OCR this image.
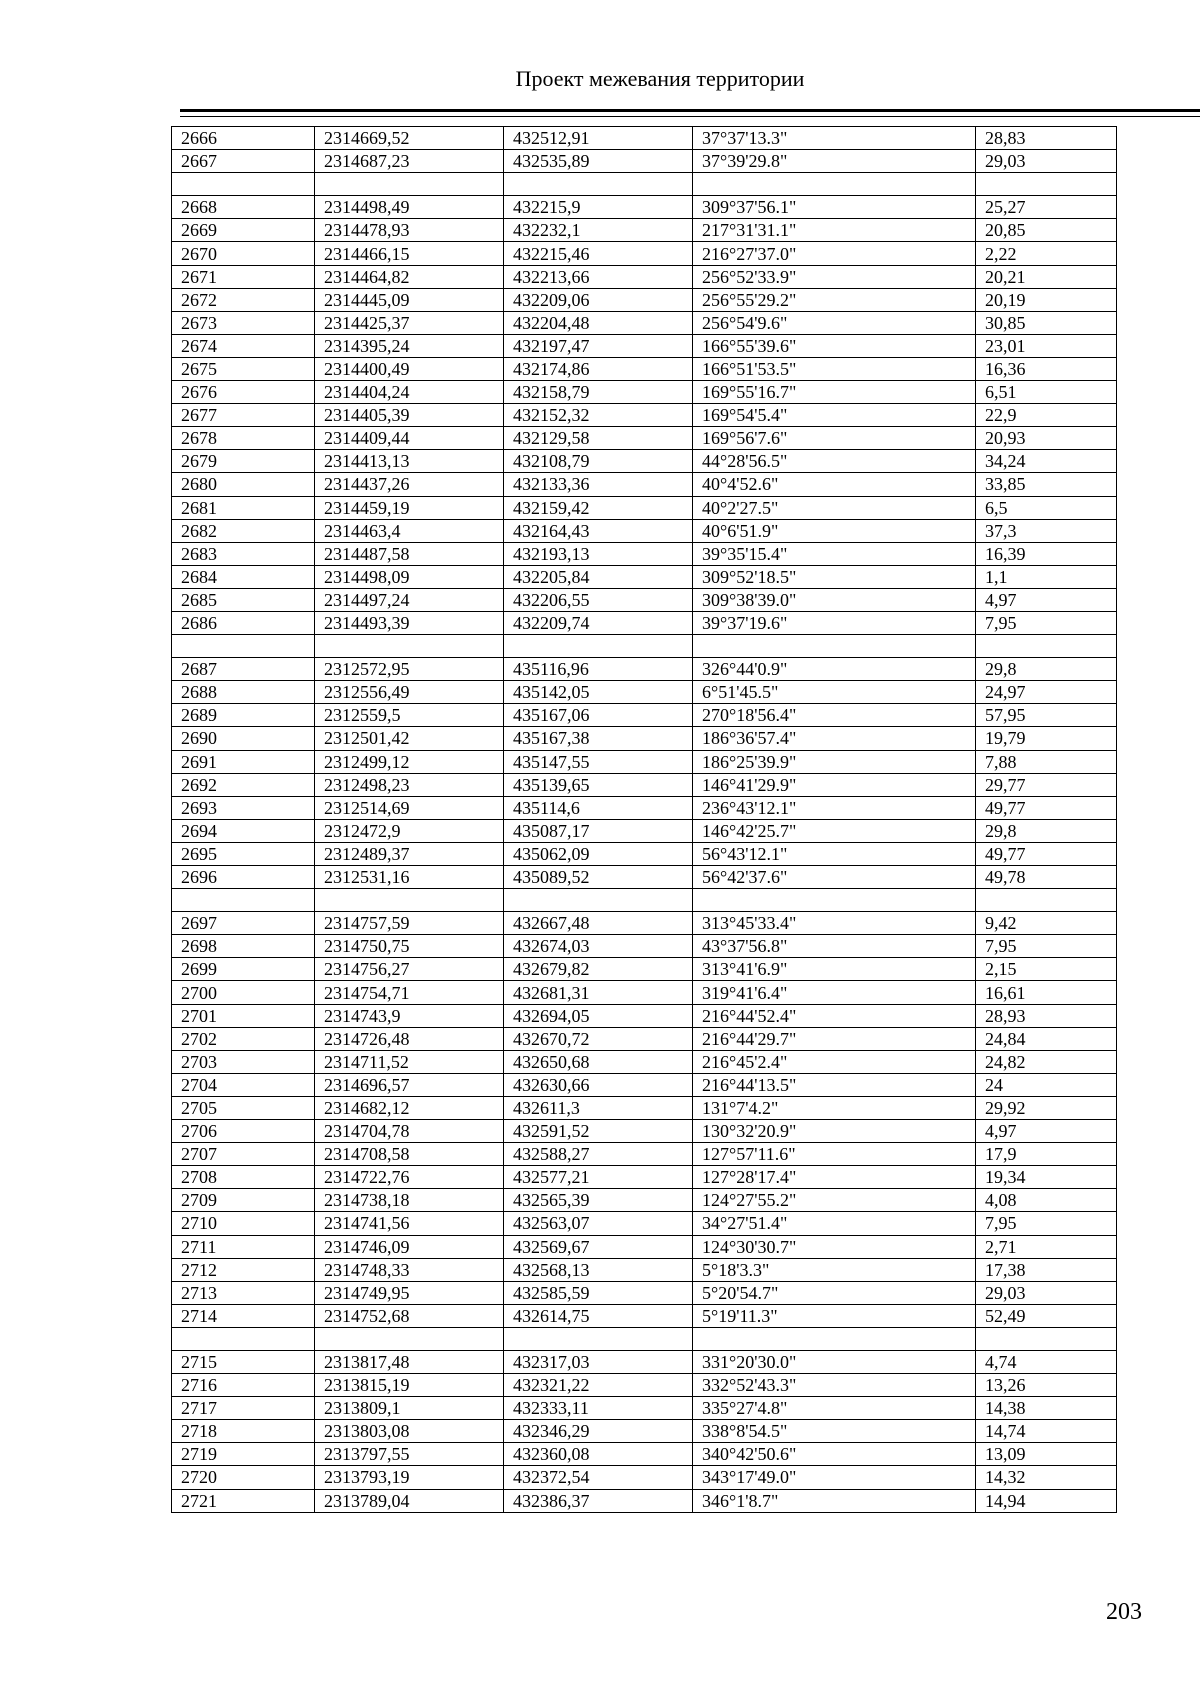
Проект межевания территории
2666	2314669,52	432512,91	37°37'13.3"	28,83
2667	2314687,23	432535,89	37°39'29.8"	29,03

2668	2314498,49	432215,9	309°37'56.1"	25,27
2669	2314478,93	432232,1	217°31'31.1"	20,85
2670	2314466,15	432215,46	216°27'37.0"	2,22
2671	2314464,82	432213,66	256°52'33.9"	20,21
2672	2314445,09	432209,06	256°55'29.2"	20,19
2673	2314425,37	432204,48	256°54'9.6"	30,85
2674	2314395,24	432197,47	166°55'39.6"	23,01
2675	2314400,49	432174,86	166°51'53.5"	16,36
2676	2314404,24	432158,79	169°55'16.7"	6,51
2677	2314405,39	432152,32	169°54'5.4"	22,9
2678	2314409,44	432129,58	169°56'7.6"	20,93
2679	2314413,13	432108,79	44°28'56.5"	34,24
2680	2314437,26	432133,36	40°4'52.6"	33,85
2681	2314459,19	432159,42	40°2'27.5"	6,5
2682	2314463,4	432164,43	40°6'51.9"	37,3
2683	2314487,58	432193,13	39°35'15.4"	16,39
2684	2314498,09	432205,84	309°52'18.5"	1,1
2685	2314497,24	432206,55	309°38'39.0"	4,97
2686	2314493,39	432209,74	39°37'19.6"	7,95

2687	2312572,95	435116,96	326°44'0.9"	29,8
2688	2312556,49	435142,05	6°51'45.5"	24,97
2689	2312559,5	435167,06	270°18'56.4"	57,95
2690	2312501,42	435167,38	186°36'57.4"	19,79
2691	2312499,12	435147,55	186°25'39.9"	7,88
2692	2312498,23	435139,65	146°41'29.9"	29,77
2693	2312514,69	435114,6	236°43'12.1"	49,77
2694	2312472,9	435087,17	146°42'25.7"	29,8
2695	2312489,37	435062,09	56°43'12.1"	49,77
2696	2312531,16	435089,52	56°42'37.6"	49,78

2697	2314757,59	432667,48	313°45'33.4"	9,42
2698	2314750,75	432674,03	43°37'56.8"	7,95
2699	2314756,27	432679,82	313°41'6.9"	2,15
2700	2314754,71	432681,31	319°41'6.4"	16,61
2701	2314743,9	432694,05	216°44'52.4"	28,93
2702	2314726,48	432670,72	216°44'29.7"	24,84
2703	2314711,52	432650,68	216°45'2.4"	24,82
2704	2314696,57	432630,66	216°44'13.5"	24
2705	2314682,12	432611,3	131°7'4.2"	29,92
2706	2314704,78	432591,52	130°32'20.9"	4,97
2707	2314708,58	432588,27	127°57'11.6"	17,9
2708	2314722,76	432577,21	127°28'17.4"	19,34
2709	2314738,18	432565,39	124°27'55.2"	4,08
2710	2314741,56	432563,07	34°27'51.4"	7,95
2711	2314746,09	432569,67	124°30'30.7"	2,71
2712	2314748,33	432568,13	5°18'3.3"	17,38
2713	2314749,95	432585,59	5°20'54.7"	29,03
2714	2314752,68	432614,75	5°19'11.3"	52,49

2715	2313817,48	432317,03	331°20'30.0"	4,74
2716	2313815,19	432321,22	332°52'43.3"	13,26
2717	2313809,1	432333,11	335°27'4.8"	14,38
2718	2313803,08	432346,29	338°8'54.5"	14,74
2719	2313797,55	432360,08	340°42'50.6"	13,09
2720	2313793,19	432372,54	343°17'49.0"	14,32
2721	2313789,04	432386,37	346°1'8.7"	14,94
203
